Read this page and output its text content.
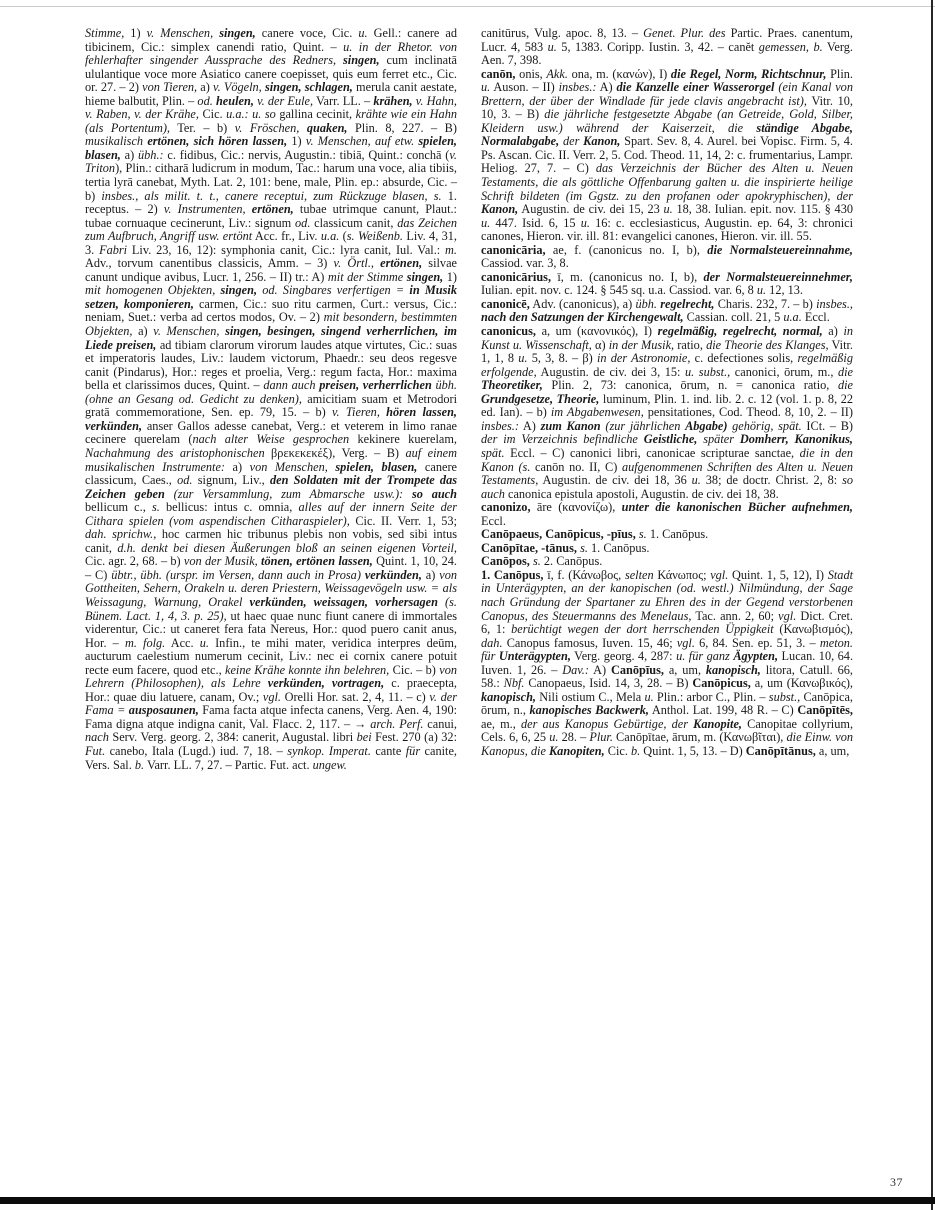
Stimme, 1) v. Menschen, singen, canere voce, Cic. u. Gell.: canere ad tibicinem, Cic.: simplex canendi ratio, Quint. – u. in der Rhetor. von fehlerhafter singender Aussprache des Redners, singen, cum inclinatā ululantique voce more Asiatico canere coepisset, quis eum ferret etc., Cic. or. 27. – 2) von Tieren, a) v. Vögeln, singen, schlagen, merula canit aestate, hieme balbutit, Plin. – od. heulen, v. der Eule, Varr. LL. – krähen, v. Hahn, v. Raben, v. der Krähe, Cic. u.a.: u. so gallina cecinit, krähte wie ein Hahn (als Portentum), Ter. – b) v. Fröschen, quaken, Plin. 8, 227. – B) musikalisch ertönen, sich hören lassen, 1) v. Menschen, auf etw. spielen, blasen, a) übh.: c. fidibus, Cic.: nervis, Augustin.: tibiā, Quint.: conchā (v. Triton), Plin.: citharā ludicrum in modum, Tac.: harum una voce, alia tibiis, tertia lyrā canebat, Myth. Lat. 2, 101: bene, male, Plin. ep.: absurde, Cic. – b) insbes., als milit. t. t., canere receptui, zum Rückzuge blasen, s. 1. receptus. – 2) v. Instrumenten, ertönen, tubae utrimque canunt, Plaut.: tubae cornuaque cecinerunt, Liv.: signum od. classicum canit, das Zeichen zum Aufbruch, Angriff usw. ertönt Acc. fr., Liv. u.a. (s. Weißenb. Liv. 4, 31, 3. Fabri Liv. 23, 16, 12): symphonia canit, Cic.: lyra canit, Iul. Val.: m. Adv., torvum canentibus classicis, Amm. – 3) v. Örtl., ertönen, silvae canunt undique avibus, Lucr. 1, 256. – II) tr.: A) mit der Stimme singen, 1) mit homogenen Objekten, singen, od. Singbares verfertigen = in Musik setzen, komponieren, carmen, Cic.: suo ritu carmen, Curt.: versus, Cic.: neniam, Suet.: verba ad certos modos, Ov. – 2) mit besondern, bestimmten Objekten, a) v. Menschen, singen, besingen, singend verherrlichen, im Liede preisen, ad tibiam clarorum virorum laudes atque virtutes, Cic.: suas et imperatoris laudes, Liv.: laudem victorum, Phaedr.: seu deos regesve canit (Pindarus), Hor.: reges et proelia, Verg.: regum facta, Hor.: maxima bella et clarissimos duces, Quint. – dann auch preisen, verherrlichen übh. (ohne an Gesang od. Gedicht zu denken), amicitiam suam et Metrodori gratā commemoratione, Sen. ep. 79, 15. – b) v. Tieren, hören lassen, verkünden, anser Gallos adesse canebat, Verg.: et veterem in limo ranae cecinere querelam (nach alter Weise gesprochen kekinere kuerelam, Nachahmung des aristophonischen βρεκεκεκέξ), Verg. – B) auf einem musikalischen Instrumente: a) von Menschen, spielen, blasen, canere classicum, Caes., od. signum, Liv., den Soldaten mit der Trompete das Zeichen geben (zur Versammlung, zum Abmarsche usw.): so auch bellicum c., s. bellicus: intus c. omnia, alles auf der innern Seite der Cithara spielen (vom aspendischen Citharaspieler), Cic. II. Verr. 1, 53; dah. sprichw., hoc carmen hic tribunus plebis non vobis, sed sibi intus canit, d.h. denkt bei diesen Äußerungen bloß an seinen eigenen Vorteil, Cic. agr. 2, 68. – b) von der Musik, tönen, ertönen lassen, Quint. 1, 10, 24. – C) übtr., übh. (urspr. im Versen, dann auch in Prosa) verkünden, a) von Gottheiten, Sehern, Orakeln u. deren Priestern, Weissagevögeln usw. = als Weissagung, Warnung, Orakel verkünden, weissagen, vorhersagen (s. Bünem. Lact. 1, 4, 3. p. 25), ut haec quae nunc fiunt canere di immortales viderentur, Cic.: ut caneret fera fata Nereus, Hor.: quod puero canit anus, Hor. – m. folg. Acc. u. Infin., te mihi mater, veridica interpres deūm, aucturum caelestium numerum cecinit, Liv.: nec ei cornix canere potuit recte eum facere, quod etc., keine Krähe konnte ihn belehren, Cic. – b) von Lehrern (Philosophen), als Lehre verkünden, vortragen, c. praecepta, Hor.: quae diu latuere, canam, Ov.; vgl. Orelli Hor. sat. 2, 4, 11. – c) v. der Fama = ausposaunen, Fama facta atque infecta canens, Verg. Aen. 4, 190: Fama digna atque indigna canit, Val. Flacc. 2, 117. – → arch. Perf. canui, nach Serv. Verg. georg. 2, 384: canerit, Augustal. libri bei Fest. 270 (a) 32: Fut. canebo, Itala (Lugd.) iud. 7, 18. – synkop. Imperat. cante für canite, Vers. Sal. b. Varr. LL. 7, 27. – Partic. Fut. act. ungew.

canitūrus, Vulg. apoc. 8, 13. – Genet. Plur. des Partic. Praes. canentum, Lucr. 4, 583 u. 5, 1383. Coripp. Iustin. 3, 42. – canĕt gemessen, b. Verg. Aen. 7, 398.

canōn, onis, Akk. ona, m. (κανών), I) die Regel, Norm, Richtschnur, Plin. u. Auson. – II) insbes.: A) die Kanzelle einer Wasserorgel (ein Kanal von Brettern, der über der Windlade für jede clavis angebracht ist), Vitr. 10, 10, 3. – B) die jährliche festgesetzte Abgabe (an Getreide, Gold, Silber, Kleidern usw.) während der Kaiserzeit, die ständige Abgabe, Normalabgabe, der Kanon, Spart. Sev. 8, 4. Aurel. bei Vopisc. Firm. 5, 4. Ps. Ascan. Cic. II. Verr. 2, 5. Cod. Theod. 11, 14, 2: c. frumentarius, Lampr. Heliog. 27, 7. – C) das Verzeichnis der Bücher des Alten u. Neuen Testaments, die als göttliche Offenbarung galten u. die inspirierte heilige Schrift bildeten (im Ggstz. zu den profanen oder apokryphischen), der Kanon, Augustin. de civ. dei 15, 23 u. 18, 38. Iulian. epit. nov. 115. § 430 u. 447. Isid. 6, 15 u. 16: c. ecclesiasticus, Augustin. ep. 64, 3: chronici canones, Hieron. vir. ill. 81: evangelici canones, Hieron. vir. ill. 55.

canonicāria, ae, f. (canonicus no. I, b), die Normalsteuereinnahme, Cassiod. var. 3, 8.

canonicārius, ī, m. (canonicus no. I, b), der Normalsteuereinnehmer, Iulian. epit. nov. c. 124. § 545 sq. u.a. Cassiod. var. 6, 8 u. 12, 13.

canonicē, Adv. (canonicus), a) übh. regelrecht, Charis. 232, 7. – b) insbes., nach den Satzungen der Kirchengewalt, Cassian. coll. 21, 5 u.a. Eccl.

canonicus, a, um (κανονικός), I) regelmäßig, regelrecht, normal, a) in Kunst u. Wissenschaft, α) in der Musik, ratio, die Theorie des Klanges, Vitr. 1, 1, 8 u. 5, 3, 8. – β) in der Astronomie, c. defectiones solis, regelmäßig erfolgende, Augustin. de civ. dei 3, 15: u. subst., canonici, ōrum, m., die Theoretiker, Plin. 2, 73: canonica, ōrum, n. = canonica ratio, die Grundgesetze, Theorie, luminum, Plin. 1. ind. lib. 2. c. 12 (vol. 1. p. 8, 22 ed. Ian). – b) im Abgabenwesen, pensitationes, Cod. Theod. 8, 10, 2. – II) insbes.: A) zum Kanon (zur jährlichen Abgabe) gehörig, spät. ICt. – B) der im Verzeichnis befindliche Geistliche, später Domherr, Kanonikus, spät. Eccl. – C) canonici libri, canonicae scripturae sanctae, die in den Kanon (s. canōn no. II, C) aufgenommenen Schriften des Alten u. Neuen Testaments, Augustin. de civ. dei 18, 36 u. 38; de doctr. Christ. 2, 8: so auch canonica epistula apostoli, Augustin. de civ. dei 18, 38.

canonizo, āre (κανονίζω), unter die kanonischen Bücher aufnehmen, Eccl.

Canōpaeus, Canōpicus, -pīus, s. 1. Canōpus.

Canōpītae, -tānus, s. 1. Canōpus.

Canōpos, s. 2. Canōpus.

1. Canōpus, ī, f. (Κάνωβος, selten Κάνωπος; vgl. Quint. 1, 5, 12), I) Stadt in Unterägypten, an der kanopischen (od. westl.) Nilmündung, der Sage nach Gründung der Spartaner zu Ehren des in der Gegend verstorbenen Canopus, des Steuermanns des Menelaus, Tac. ann. 2, 60; vgl. Dict. Cret. 6, 1: berüchtigt wegen der dort herrschenden Üppigkeit (Κανωβισμός), dah. Canopus famosus, Iuven. 15, 46; vgl. 6, 84. Sen. ep. 51, 3. – meton. für Unterägypten, Verg. georg. 4, 287: u. für ganz Ägypten, Lucan. 10, 64. Iuven. 1, 26. – Dav.: A) Canōpīus, a, um, kanopisch, litora, Catull. 66, 58.: Nbf. Canopaeus, Isid. 14, 3, 28. – B) Canōpicus, a, um (Κανωβικός), kanopisch, Nili ostium C., Mela u. Plin.: arbor C., Plin. – subst., Canōpica, ōrum, n., kanopisches Backwerk, Anthol. Lat. 199, 48 R. – C) Canōpītēs, ae, m., der aus Kanopus Gebürtige, der Kanopite, Canopitae collyrium, Cels. 6, 6, 25 u. 28. – Plur. Canōpītae, ārum, m. (Κανωβῖται), die Einw. von Kanopus, die Kanopiten, Cic. b. Quint. 1, 5, 13. – D) Canōpītānus, a, um,

37
